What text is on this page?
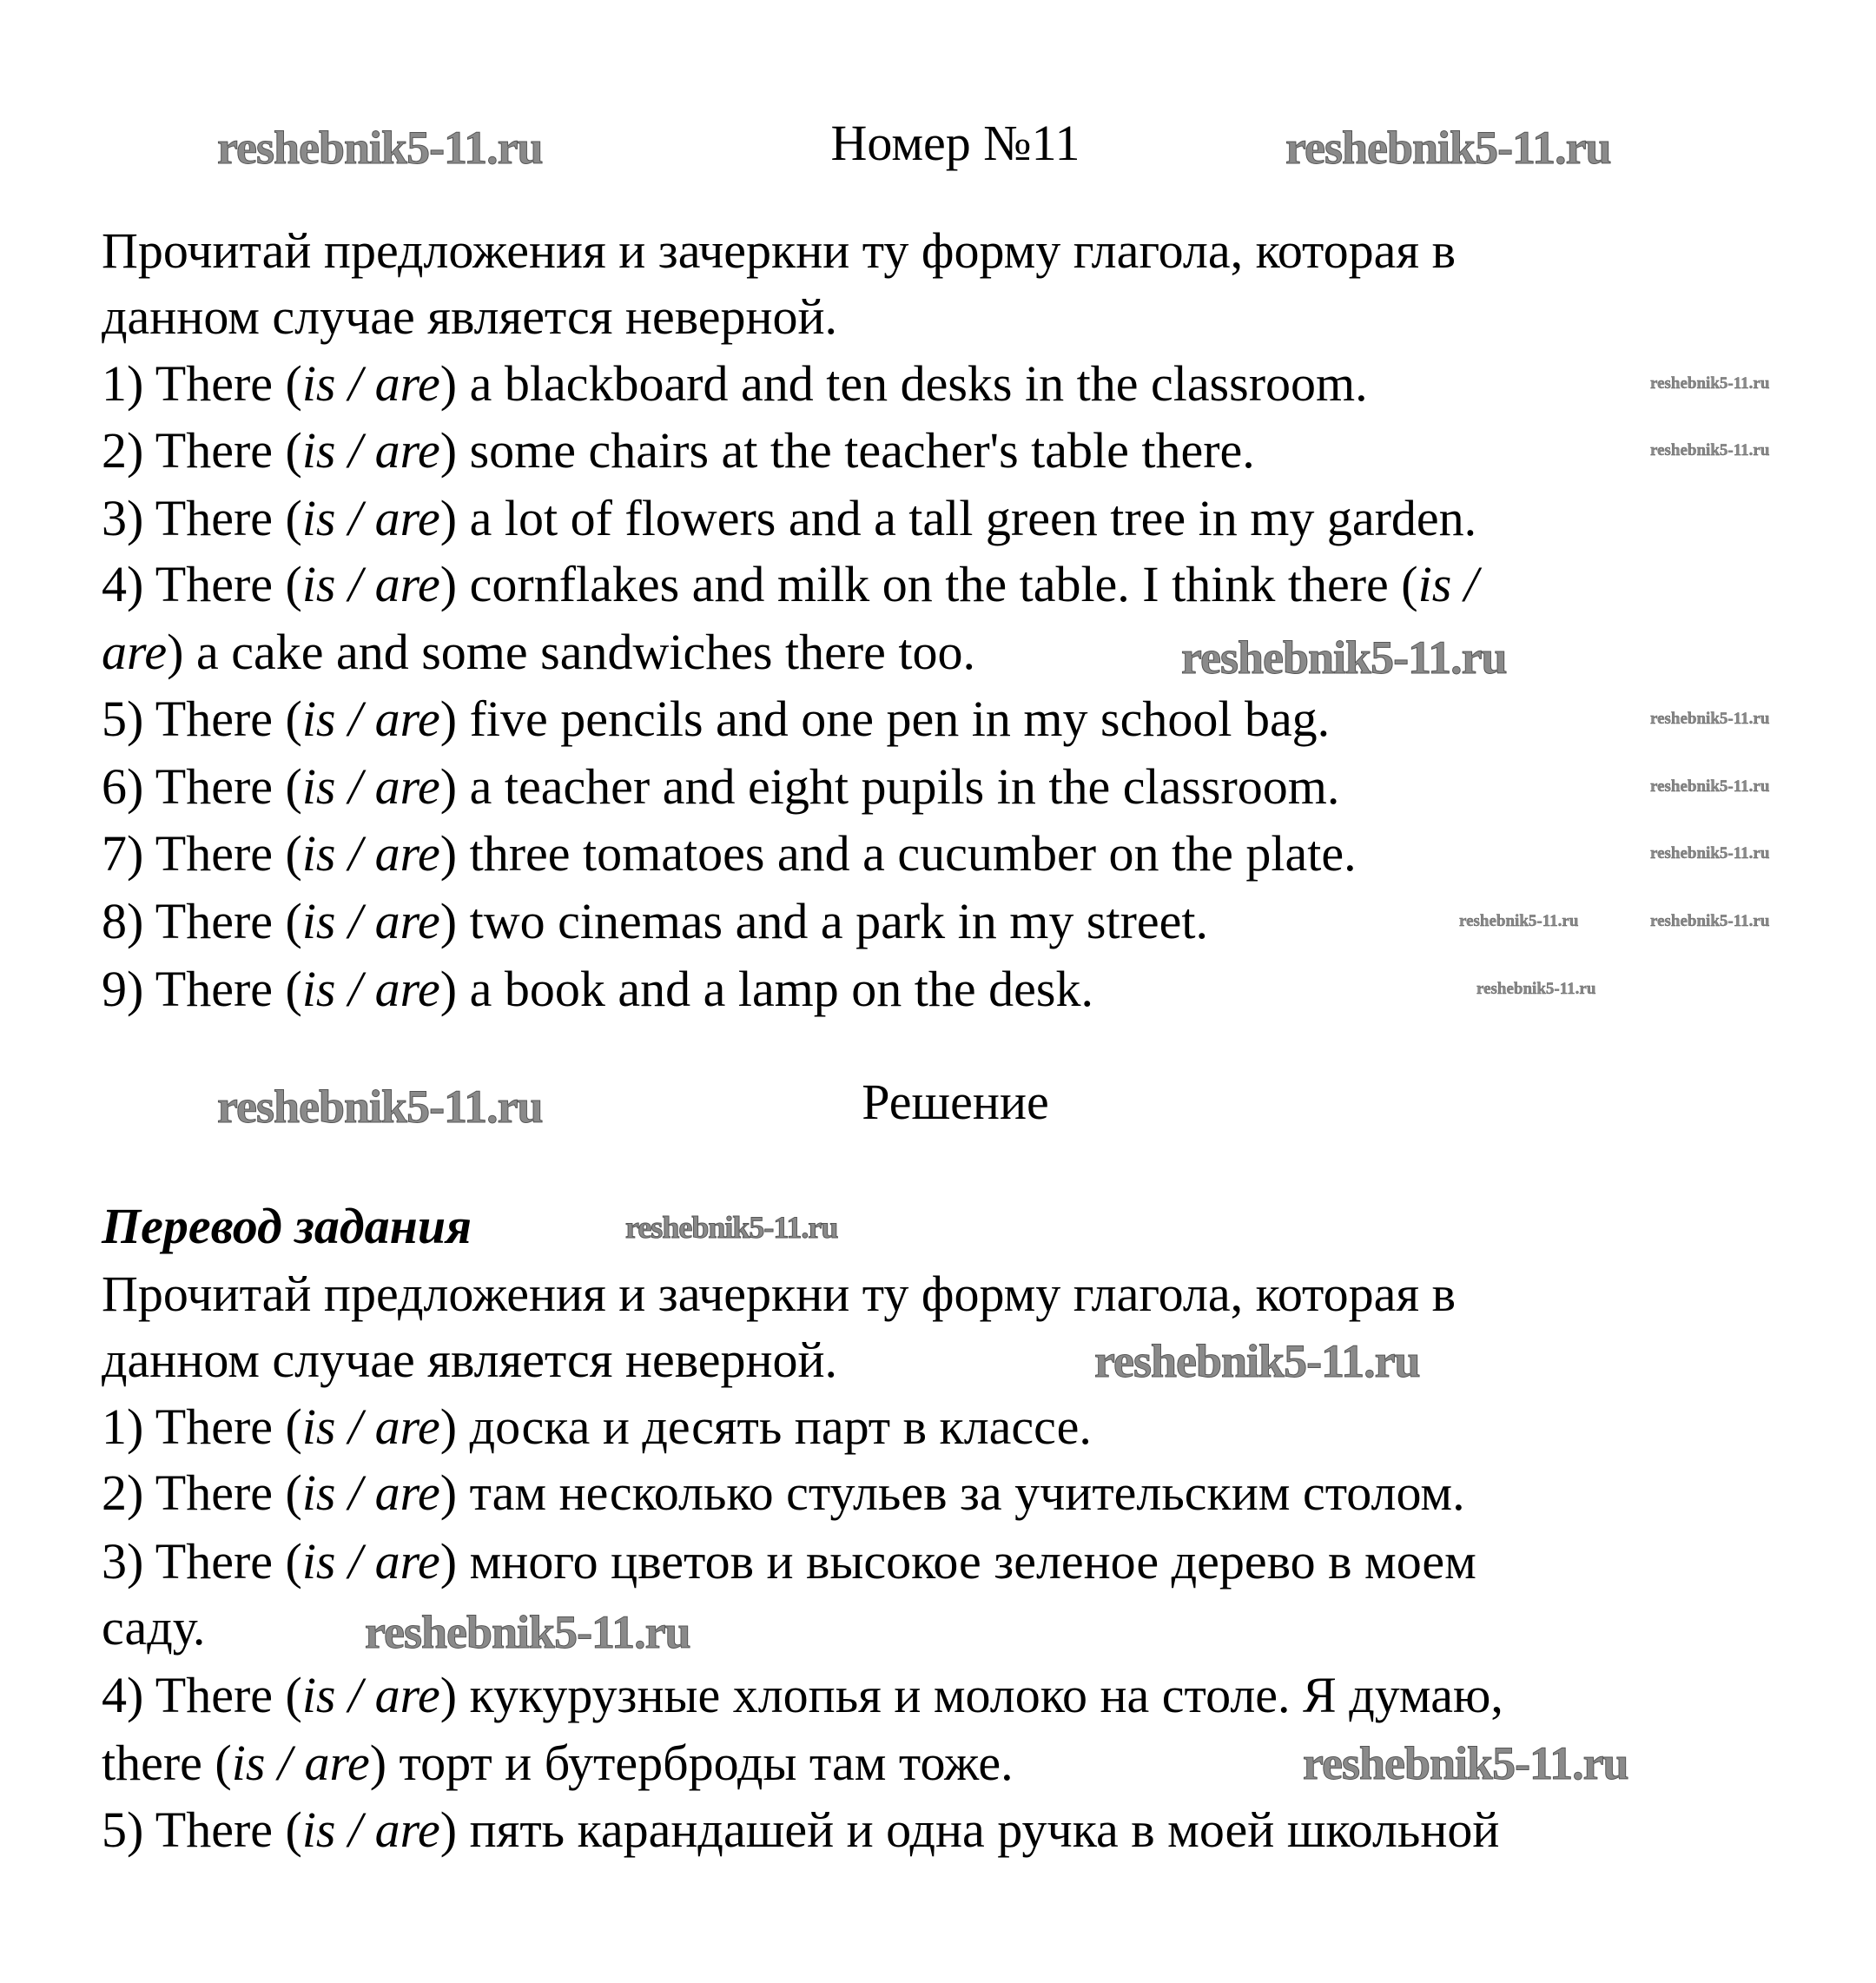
Номер №11
Прочитай предложения и зачеркни ту форму глагола, которая в
данном случае является неверной.
1) There (is / are) a blackboard and ten desks in the classroom.
2) There (is / are) some chairs at the teacher's table there.
3) There (is / are) a lot of flowers and a tall green tree in my garden.
4) There (is / are) cornflakes and milk on the table. I think there (is /
are) a cake and some sandwiches there too.
5) There (is / are) five pencils and one pen in my school bag.
6) There (is / are) a teacher and eight pupils in the classroom.
7) There (is / are) three tomatoes and a cucumber on the plate.
8) There (is / are) two cinemas and a park in my street.
9) There (is / are) a book and a lamp on the desk.
Решение
Перевод задания
Прочитай предложения и зачеркни ту форму глагола, которая в
данном случае является неверной.
1) There (is / are) доска и десять парт в классе.
2) There (is / are) там несколько стульев за учительским столом.
3) There (is / are) много цветов и высокое зеленое дерево в моем
саду.
4) There (is / are) кукурузные хлопья и молоко на столе. Я думаю,
there (is / are) торт и бутерброды там тоже.
5) There (is / are) пять карандашей и одна ручка в моей школьной
reshebnik5-11.ru	reshebnik5-11.ru
reshebnik5-11.ru
reshebnik5-11.ru
reshebnik5-11.ru
reshebnik5-11.ru
reshebnik5-11.ru
reshebnik5-11.ru
reshebnik5-11.ru
reshebnik5-11.ru
reshebnik5-11.ru
reshebnik5-11.ru
reshebnik5-11.ru
reshebnik5-11.ru	reshebnik5-11.ru
reshebnik5-11.ru
